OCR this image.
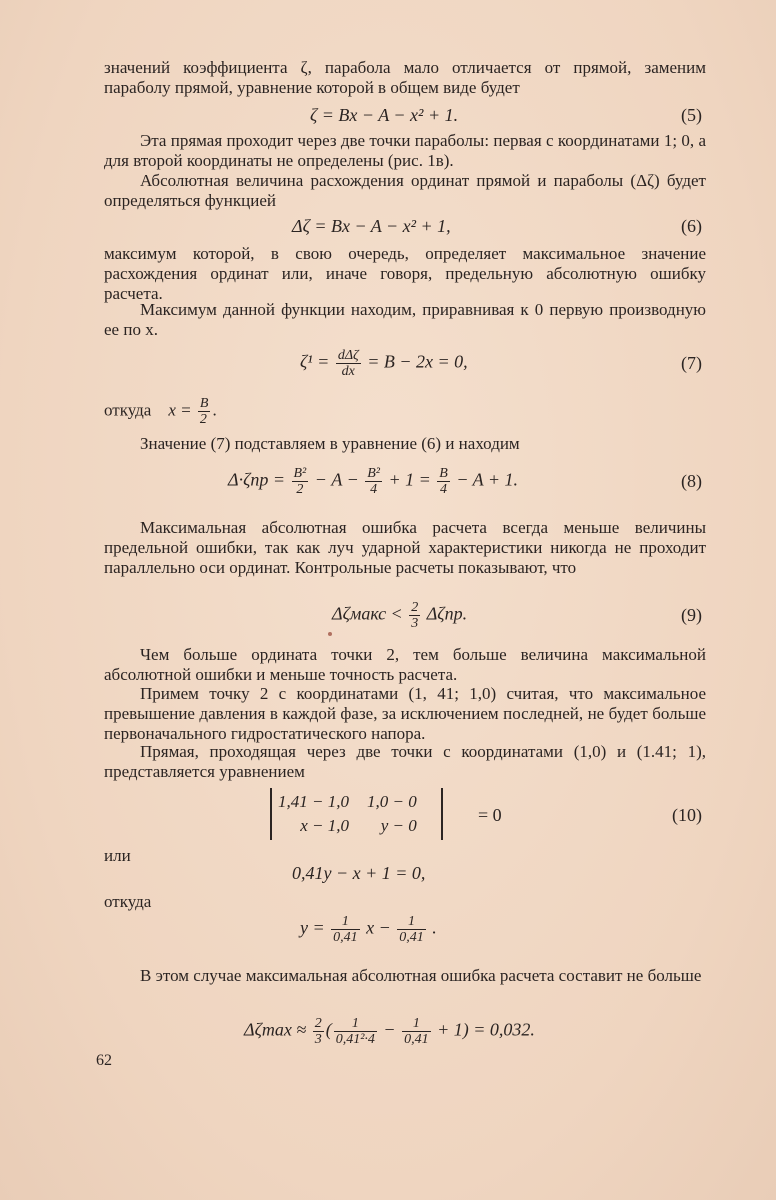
значений коэффициента ζ, парабола мало отличается от прямой, заменим параболу прямой, уравнение которой в общем виде будет

ζ = Bx − A − x² + 1.	(5)

Эта прямая проходит через две точки параболы: первая с координатами 1; 0, а для второй координаты не определены (рис. 1в).

Абсолютная величина расхождения ординат прямой и параболы (Δζ) будет определяться функцией

Δζ = Bx − A − x² + 1,	(6)

максимум которой, в свою очередь, определяет максимальное значение расхождения ординат или, иначе говоря, предельную абсолютную ошибку расчета.

Максимум данной функции находим, приравнивая к 0 первую производную ее по x.

$\zeta^1 = \frac{\text{dΔζ}}{dx} = B - 2x = 0$,	(7)
откуда $x = \frac{B}{2}$ .

Значение (7) подставляем в уравнение (6) и находим

$\Delta\cdot\zeta пр = \frac{\text{B²}}{2} - A - \frac{\text{B²}}{4} + 1 = \frac{B}{4} - A + 1$.	(8)

Максимальная абсолютная ошибка расчета всегда меньше величины предельной ошибки, так как луч ударной характеристики никогда не проходит параллельно оси ординат. Контрольные расчеты показывают, что

Δζмакс < $\frac{2}{3} \Delta\zeta пр$.	(9)

Чем больше ордината точки 2, тем больше величина максимальной абсолютной ошибки и меньше точность расчета.

Примем точку 2 с координатами (1, 41; 1,0) считая, что максимальное превышение давления в каждой фазе, за исключением последней, не будет больше первоначального гидростатического напора.

Прямая, проходящая через две точки с координатами (1,0) и (1.41; 1), представляется уравнением

1,41 − 1,0	1,0 − 0
x − 1,0	y − 0
= 0	(10)
или
0,41y − x + 1 = 0,
откуда
$y = \frac{1}{0,41}$ $x - \frac{1}{0,41}$ .

В этом случае максимальная абсолютная ошибка расчета составит не больше

$\Delta\zeta\max \approx \frac{2}{3}$ ( $\frac{1}{\text{0,41²·4}} - \frac{1}{0,41} + 1) = 0,032$.
62
